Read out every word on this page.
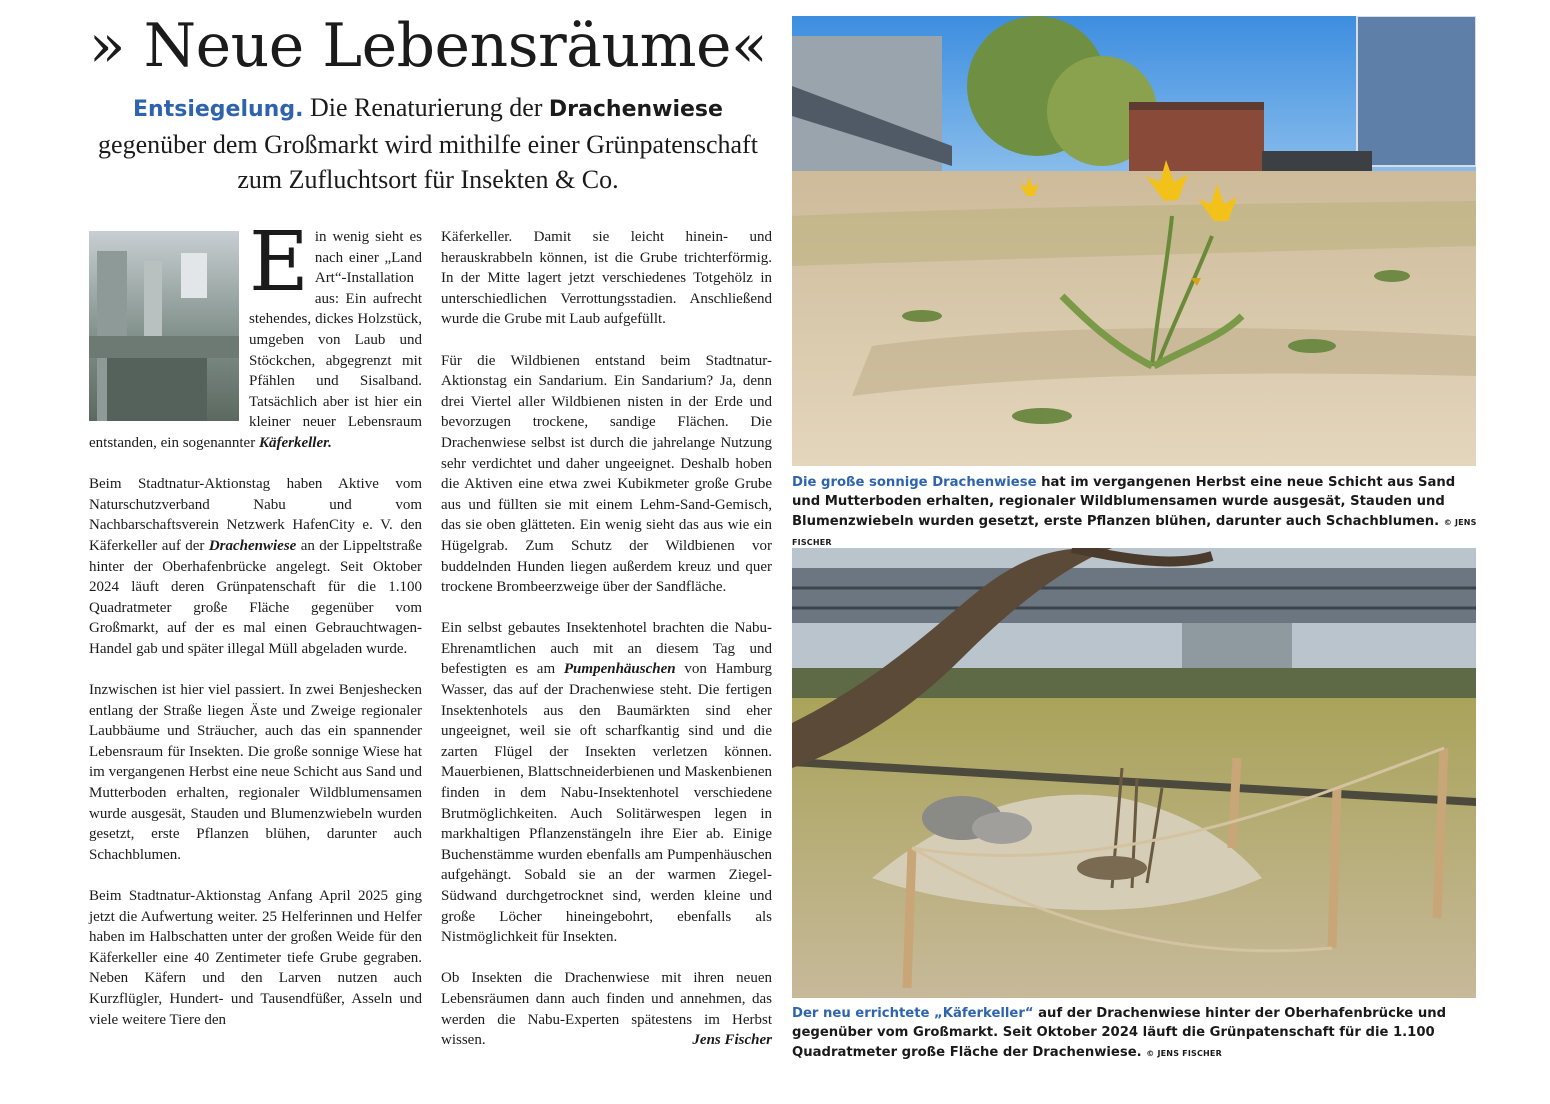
» Neue Lebensräume«

Entsiegelung. Die Renaturierung der Drachenwiese gegenüber dem Großmarkt wird mithilfe einer Grünpatenschaft zum Zufluchtsort für Insekten & Co.

Ein wenig sieht es nach einer „Land Art“-Installation aus: Ein aufrecht stehendes, dickes Holzstück, umgeben von Laub und Stöckchen, abgegrenzt mit Pfählen und Sisalband. Tatsächlich aber ist hier ein kleiner neuer Lebensraum entstanden, ein sogenannter Käferkeller.

Beim Stadtnatur-Aktionstag haben Aktive vom Naturschutzverband Nabu und vom Nachbarschaftsverein Netzwerk HafenCity e. V. den Käferkeller auf der Drachenwiese an der Lippeltstraße hinter der Oberhafenbrücke angelegt. Seit Oktober 2024 läuft deren Grünpatenschaft für die 1.100 Quadratmeter große Fläche gegenüber vom Großmarkt, auf der es mal einen Gebrauchtwagen-Handel gab und später illegal Müll abgeladen wurde.

Inzwischen ist hier viel passiert. In zwei Benjeshecken entlang der Straße liegen Äste und Zweige regionaler Laubbäume und Sträucher, auch das ein spannender Lebensraum für Insekten. Die große sonnige Wiese hat im vergangenen Herbst eine neue Schicht aus Sand und Mutterboden erhalten, regionaler Wildblumensamen wurde ausgesät, Stauden und Blumenzwiebeln wurden gesetzt, erste Pflanzen blühen, darunter auch Schachblumen.

Beim Stadtnatur-Aktionstag Anfang April 2025 ging jetzt die Aufwertung weiter. 25 Helferinnen und Helfer haben im Halbschatten unter der großen Weide für den Käferkeller eine 40 Zentimeter tiefe Grube gegraben. Neben Käfern und den Larven nutzen auch Kurzflügler, Hundert- und Tausendfüßer, Asseln und viele weitere Tiere den

Käferkeller. Damit sie leicht hinein- und herauskrabbeln können, ist die Grube trichterförmig. In der Mitte lagert jetzt verschiedenes Totgehölz in unterschiedlichen Verrottungsstadien. Anschließend wurde die Grube mit Laub aufgefüllt.

Für die Wildbienen entstand beim Stadtnatur-Aktionstag ein Sandarium. Ein Sandarium? Ja, denn drei Viertel aller Wildbienen nisten in der Erde und bevorzugen trockene, sandige Flächen. Die Drachenwiese selbst ist durch die jahrelange Nutzung sehr verdichtet und daher ungeeignet. Deshalb hoben die Aktiven eine etwa zwei Kubikmeter große Grube aus und füllten sie mit einem Lehm-Sand-Gemisch, das sie oben glätteten. Ein wenig sieht das aus wie ein Hügelgrab. Zum Schutz der Wildbienen vor buddelnden Hunden liegen außerdem kreuz und quer trockene Brombeerzweige über der Sandfläche.

Ein selbst gebautes Insektenhotel brachten die Nabu-Ehrenamtlichen auch mit an diesem Tag und befestigten es am Pumpenhäuschen von Hamburg Wasser, das auf der Drachenwiese steht. Die fertigen Insektenhotels aus den Baumärkten sind eher ungeeignet, weil sie oft scharfkantig sind und die zarten Flügel der Insekten verletzen können. Mauerbienen, Blattschneiderbienen und Maskenbienen finden in dem Nabu-Insektenhotel verschiedene Brutmöglichkeiten. Auch Solitärwespen legen in markhaltigen Pflanzenstängeln ihre Eier ab. Einige Buchenstämme wurden ebenfalls am Pumpenhäuschen aufgehängt. Sobald sie an der warmen Ziegel-Südwand durchgetrocknet sind, werden kleine und große Löcher hineingebohrt, ebenfalls als Nistmöglichkeit für Insekten.

Ob Insekten die Drachenwiese mit ihren neuen Lebensräumen dann auch finden und annehmen, das werden die Nabu-Experten spätestens im Herbst wissen.	Jens Fischer

Die große sonnige Drachenwiese hat im vergangenen Herbst eine neue Schicht aus Sand und Mutterboden erhalten, regionaler Wildblumensamen wurde ausgesät, Stauden und Blumenzwiebeln wurden gesetzt, erste Pflanzen blühen, darunter auch Schachblumen. © JENS FISCHER
Der neu errichtete „Käferkeller“ auf der Drachenwiese hinter der Oberhafenbrücke und gegenüber vom Großmarkt. Seit Oktober 2024 läuft die Grünpatenschaft für die 1.100 Quadratmeter große Fläche der Drachenwiese. © JENS FISCHER
